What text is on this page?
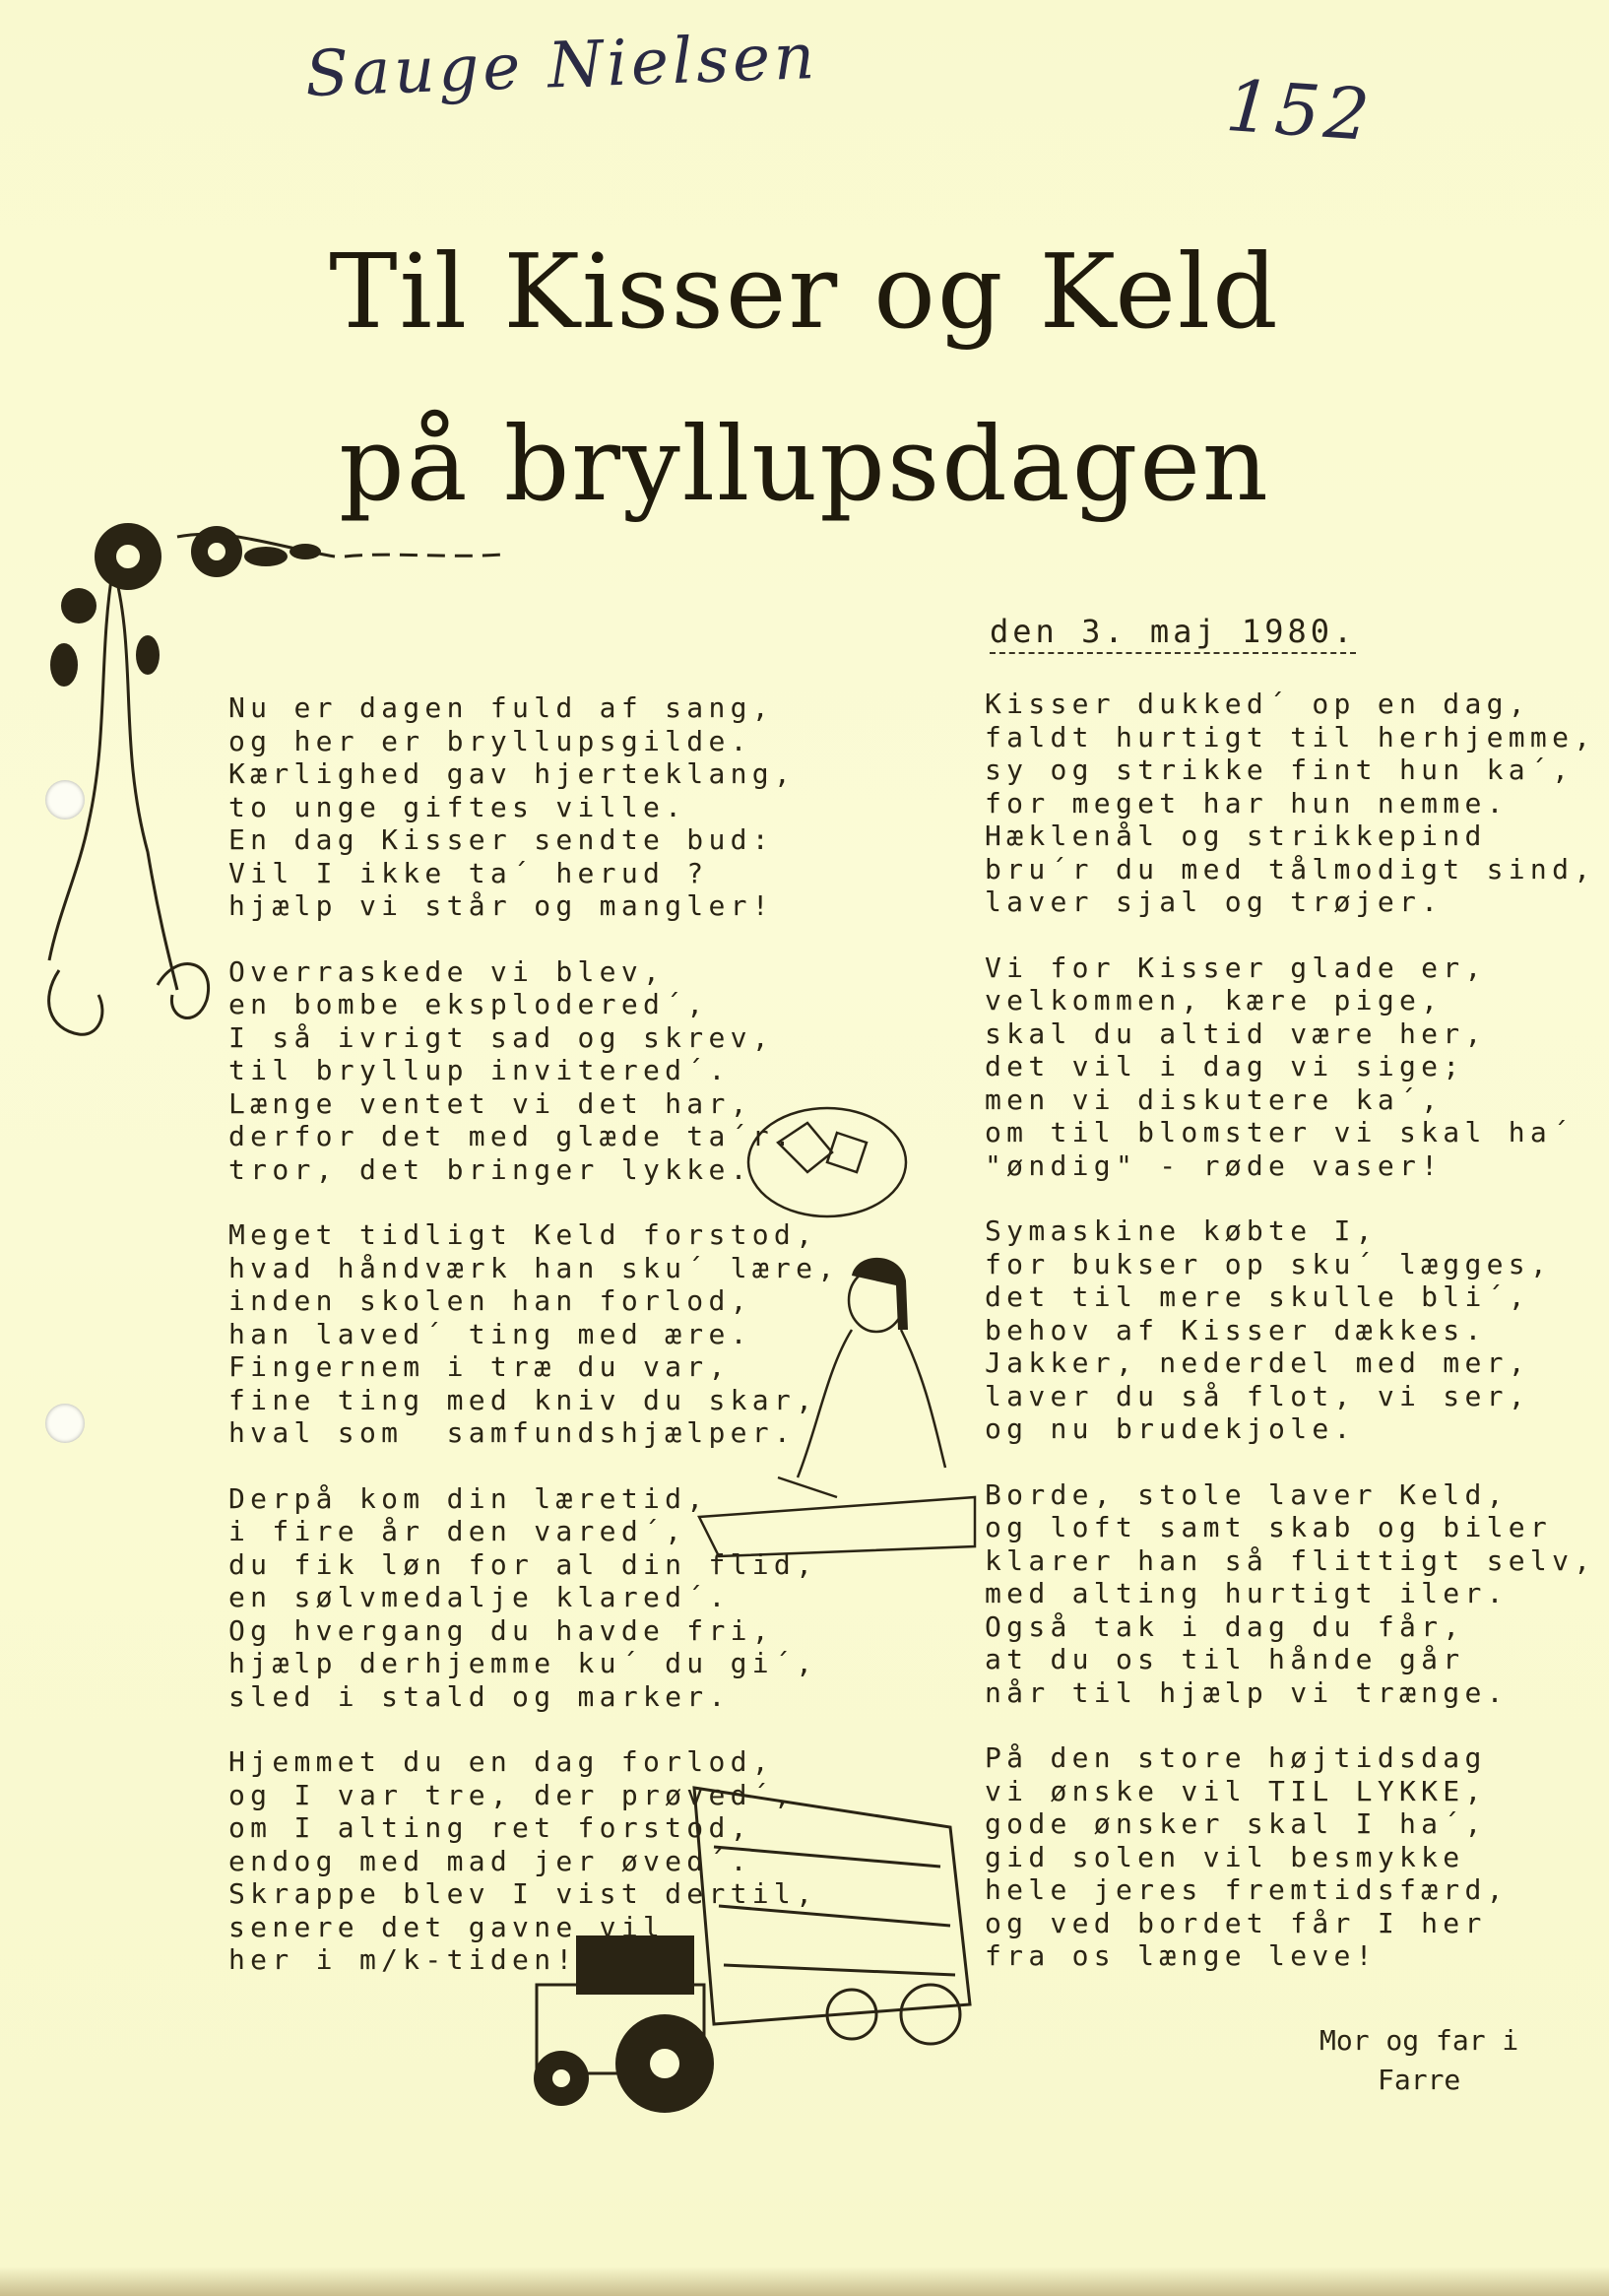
Sauge Nielsen	152
Til Kisser og Keld
på bryllupsdagen
den 3. maj 1980.
Nu er dagen fuld af sang,
og her er bryllupsgilde.
Kærlighed gav hjerteklang,
to unge giftes ville.
En dag Kisser sendte bud:
Vil I ikke ta´ herud ?
hjælp vi står og mangler!
Overraskede vi blev,
en bombe eksplodered´,
I så ivrigt sad og skrev,
til bryllup invitered´.
Længe ventet vi det har,
derfor det med glæde ta´r.
tror, det bringer lykke.
Meget tidligt Keld forstod,
hvad håndværk han sku´ lære,
inden skolen han forlod,
han laved´ ting med ære.
Fingernem i træ du var,
fine ting med kniv du skar,
hval som  samfundshjælper.
Derpå kom din læretid,
i fire år den vared´,
du fik løn for al din flid,
en sølvmedalje klared´.
Og hvergang du havde fri,
hjælp derhjemme ku´ du gi´,
sled i stald og marker.
Hjemmet du en dag forlod,
og I var tre, der prøved´,
om I alting ret forstod,
endog med mad jer øved´.
Skrappe blev I vist dertil,
senere det gavne vil
her i m/k-tiden!
Kisser dukked´ op en dag,
faldt hurtigt til herhjemme,
sy og strikke fint hun ka´,
for meget har hun nemme.
Hæklenål og strikkepind
bru´r du med tålmodigt sind,
laver sjal og trøjer.
Vi for Kisser glade er,
velkommen, kære pige,
skal du altid være her,
det vil i dag vi sige;
men vi diskutere ka´,
om til blomster vi skal ha´
"øndig" - røde vaser!
Symaskine købte I,
for bukser op sku´ lægges,
det til mere skulle bli´,
behov af Kisser dækkes.
Jakker, nederdel med mer,
laver du så flot, vi ser,
og nu brudekjole.
Borde, stole laver Keld,
og loft samt skab og biler
klarer han så flittigt selv,
med alting hurtigt iler.
Også tak i dag du får,
at du os til hånde går
når til hjælp vi trænge.
På den store højtidsdag
vi ønske vil TIL LYKKE,
gode ønsker skal I ha´,
gid solen vil besmykke
hele jeres fremtidsfærd,
og ved bordet får I her
fra os længe leve!
Mor og far i
Farre
